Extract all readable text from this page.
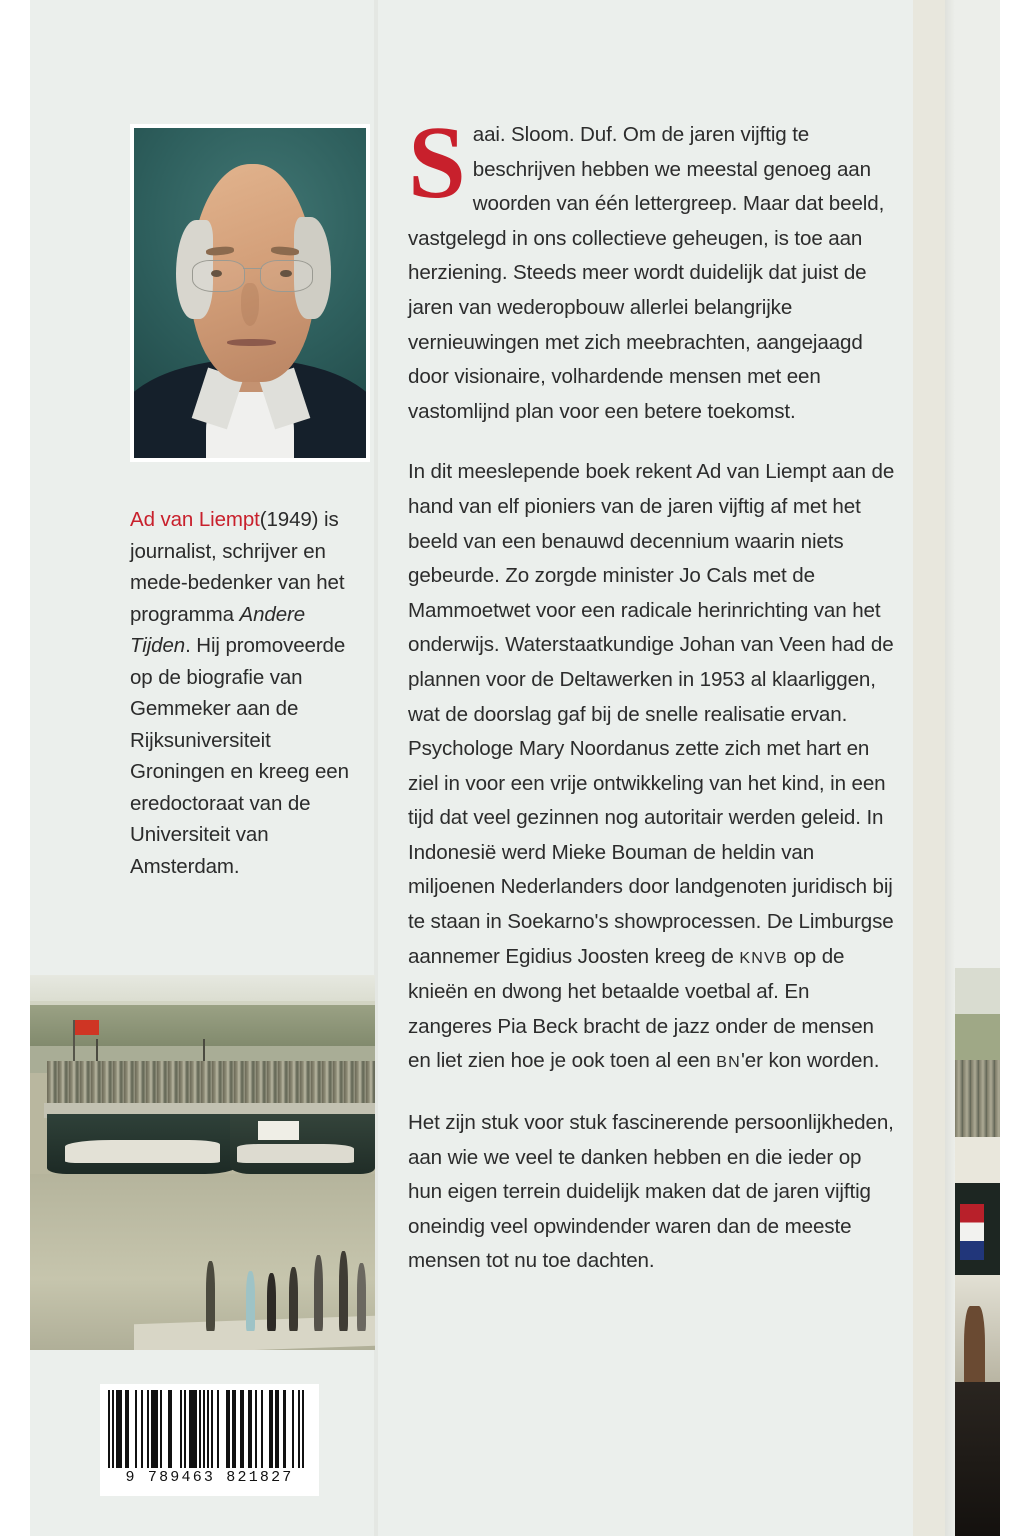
Ad van Liempt(1949) is journalist, schrijver en mede-bedenker van het programma Andere Tijden. Hij promoveerde op de biografie van Gemmeker aan de Rijksuniversiteit Groningen en kreeg een eredoctoraat van de Universiteit van Amsterdam.
9 789463 821827

Saai. Sloom. Duf. Om de jaren vijftig te beschrijven hebben we meestal genoeg aan woorden van één lettergreep. Maar dat beeld, vastgelegd in ons collectieve geheugen, is toe aan herziening. Steeds meer wordt duidelijk dat juist de jaren van wederopbouw allerlei belangrijke vernieuwingen met zich meebrachten, aangejaagd door visionaire, volhardende mensen met een vastomlijnd plan voor een betere toekomst.

In dit meeslepende boek rekent Ad van Liempt aan de hand van elf pioniers van de jaren vijftig af met het beeld van een benauwd decennium waarin niets gebeurde. Zo zorgde minister Jo Cals met de Mammoetwet voor een radicale herinrichting van het onderwijs. Waterstaatkundige Johan van Veen had de plannen voor de Deltawerken in 1953 al klaarliggen, wat de doorslag gaf bij de snelle realisatie ervan. Psychologe Mary Noordanus zette zich met hart en ziel in voor een vrije ontwikkeling van het kind, in een tijd dat veel gezinnen nog autoritair werden geleid. In Indonesië werd Mieke Bouman de heldin van miljoenen Nederlanders door landgenoten juridisch bij te staan in Soekarno's showprocessen. De Limburgse aannemer Egidius Joosten kreeg de KNVB op de knieën en dwong het betaalde voetbal af. En zangeres Pia Beck bracht de jazz onder de mensen en liet zien hoe je ook toen al een BN'er kon worden.

Het zijn stuk voor stuk fascinerende persoonlijkheden, aan wie we veel te danken hebben en die ieder op hun eigen terrein duidelijk maken dat de jaren vijftig oneindig veel opwindender waren dan de meeste mensen tot nu toe dachten.
